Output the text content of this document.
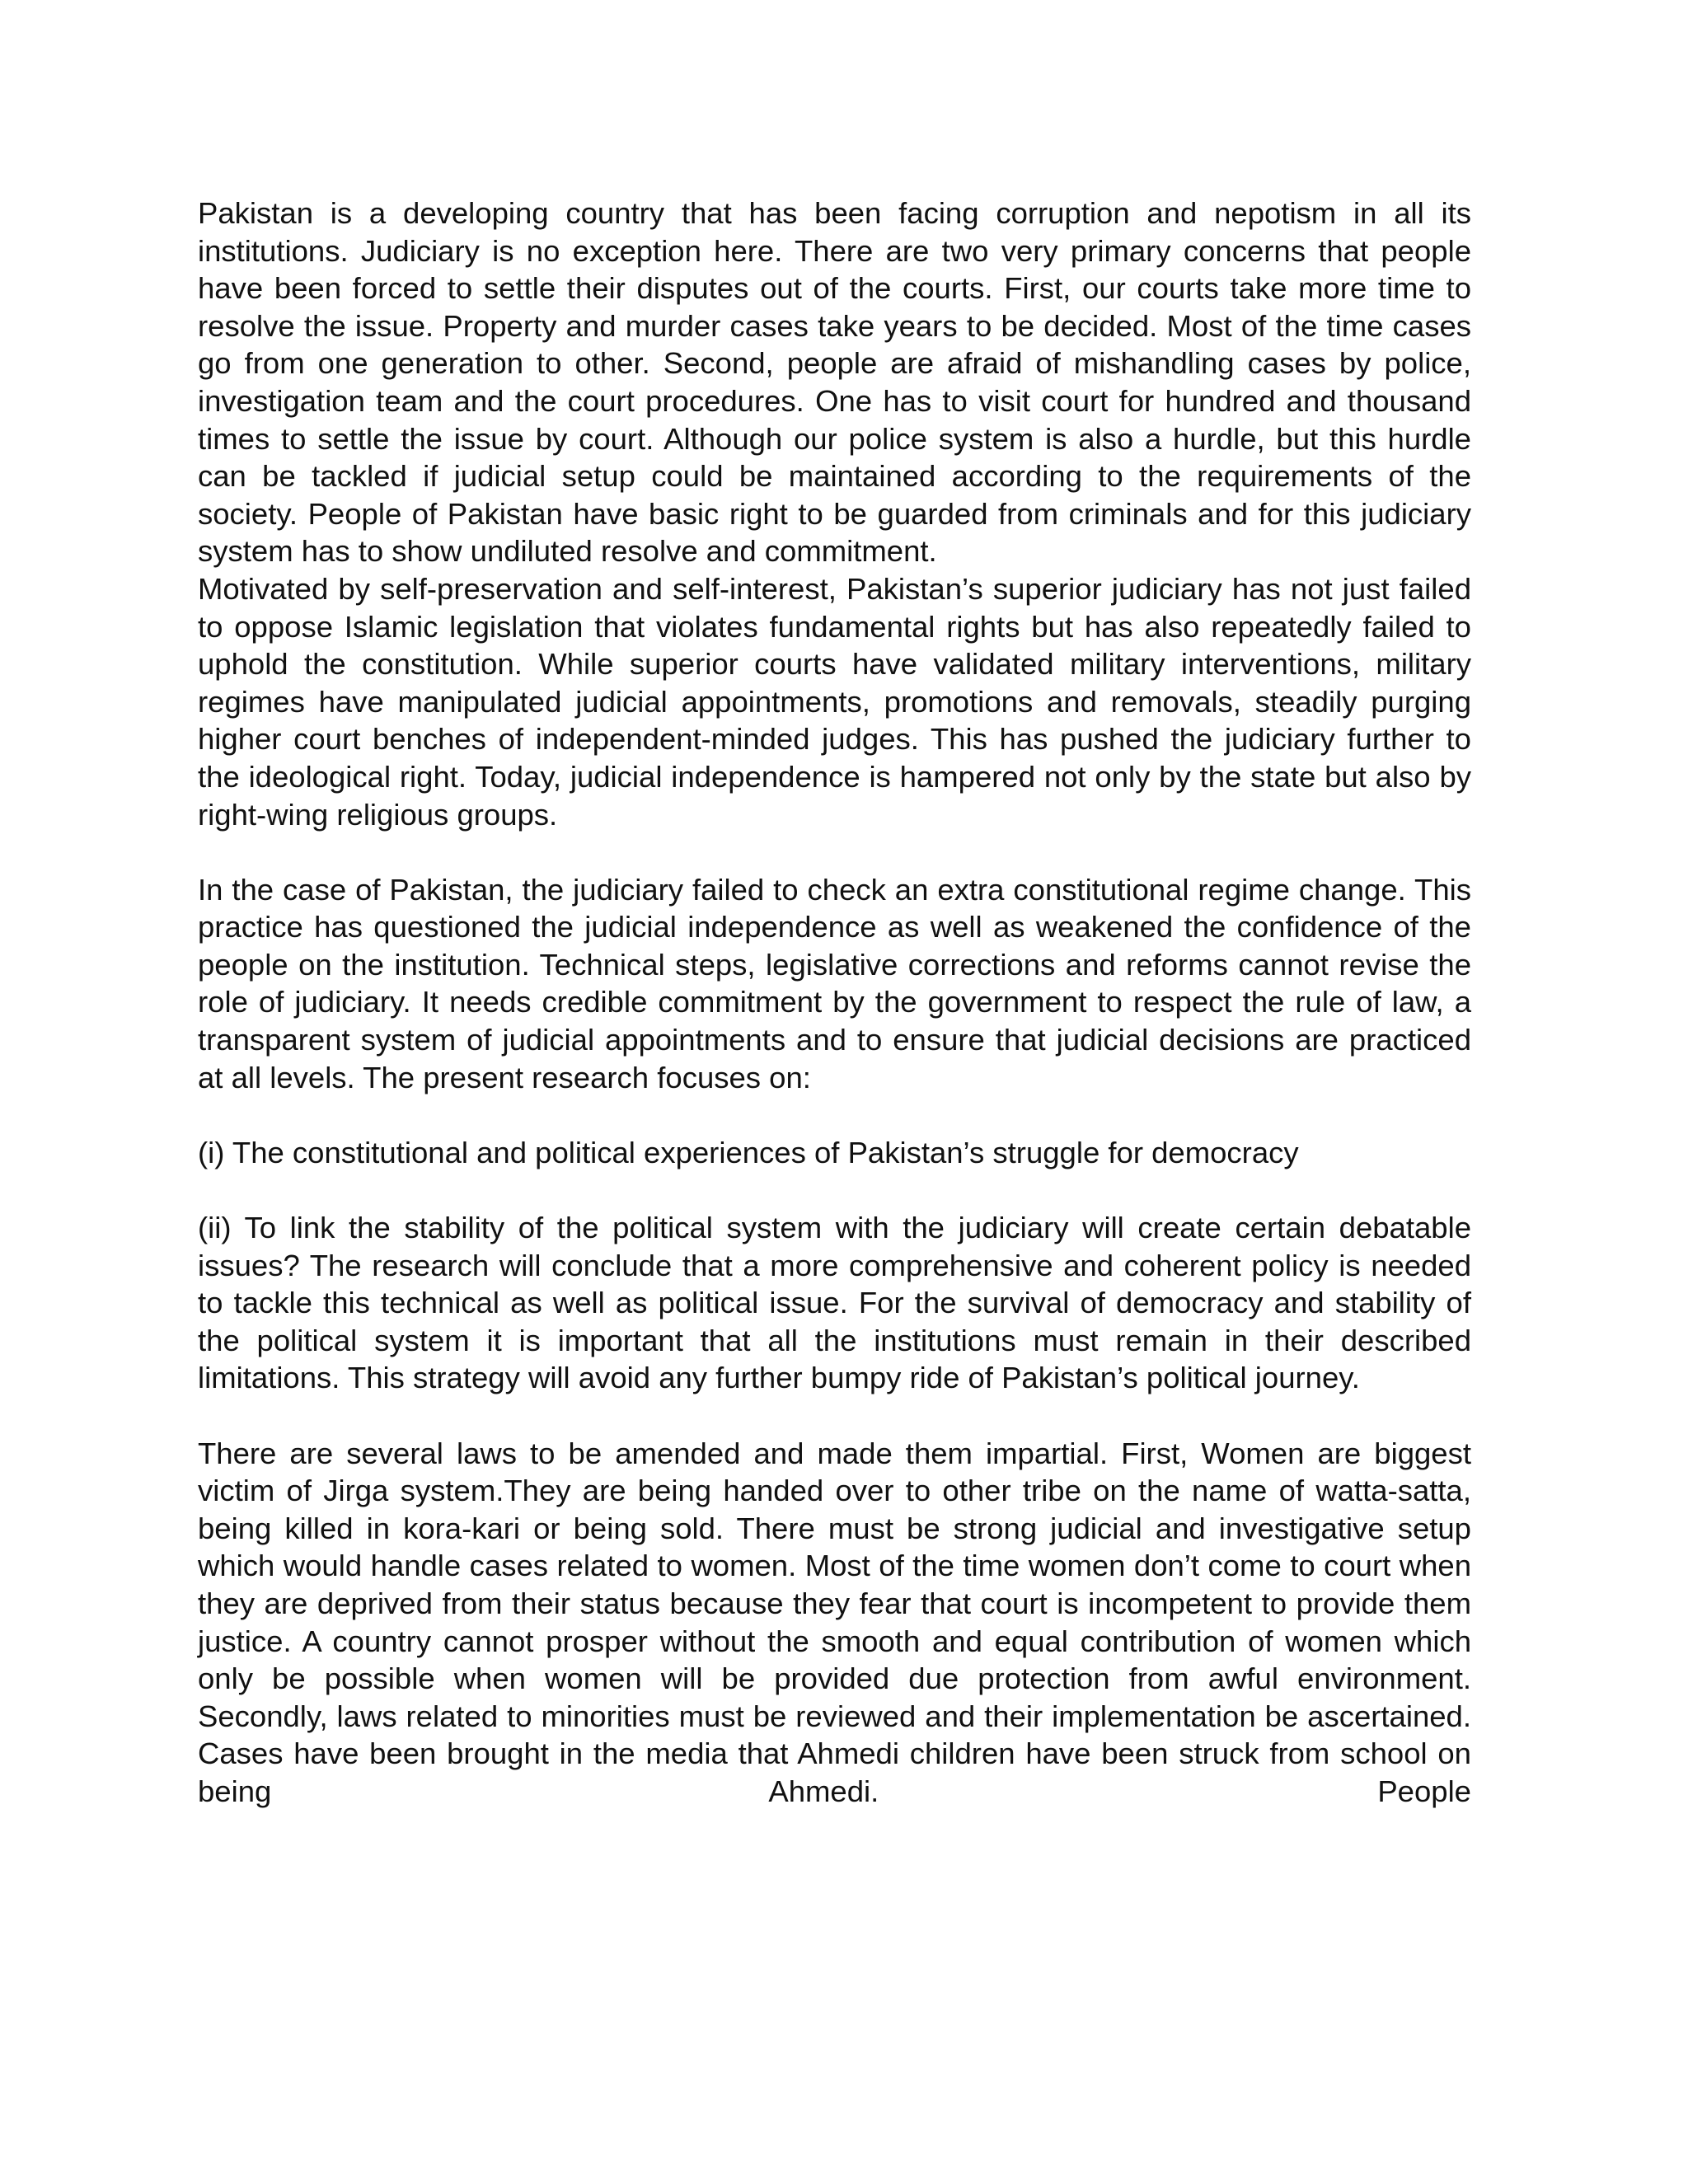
Pakistan is a developing country that has been facing corruption and nepotism in all its institutions. Judiciary is no exception here. There are two very primary concerns that people have been forced to settle their disputes out of the courts. First, our courts take more time to resolve the issue. Property and murder cases take years to be decided. Most of the time cases go from one generation to other. Second, people are afraid of mishandling cases by police, investigation team and the court procedures. One has to visit court for hundred and thousand times to settle the issue by court. Although our police system is also a hurdle, but this hurdle can be tackled if judicial setup could be maintained according to the requirements of the society. People of Pakistan have basic right to be guarded from criminals and for this judiciary system has to show undiluted resolve and commitment.

Motivated by self-preservation and self-interest, Pakistan’s superior judiciary has not just failed to oppose Islamic legislation that violates fundamental rights but has also repeatedly failed to uphold the constitution. While superior courts have validated military interventions, military regimes have manipulated judicial appointments, promotions and removals, steadily purging higher court benches of independent-minded judges. This has pushed the judiciary further to the ideological right. Today, judicial independence is hampered not only by the state but also by right-wing religious groups.

In the case of Pakistan, the judiciary failed to check an extra constitutional regime change. This practice has questioned the judicial independence as well as weakened the confidence of the people on the institution. Technical steps, legislative corrections and reforms cannot revise the role of judiciary. It needs credible commitment by the government to respect the rule of law, a transparent system of judicial appointments and to ensure that judicial decisions are practiced at all levels. The present research focuses on:

(i) The constitutional and political experiences of Pakistan’s struggle for democracy

(ii) To link the stability of the political system with the judiciary will create certain debatable issues? The research will conclude that a more comprehensive and coherent policy is needed to tackle this technical as well as political issue. For the survival of democracy and stability of the political system it is important that all the institutions must remain in their described limitations. This strategy will avoid any further bumpy ride of Pakistan’s political journey.

There are several laws to be amended and made them impartial. First, Women are biggest victim of Jirga system.They are being handed over to other tribe on the name of watta-satta, being killed in kora-kari or being sold. There must be strong judicial and investigative setup which would handle cases related to women. Most of the time women don’t come to court when they are deprived from their status because they fear that court is incompetent to provide them justice. A country cannot prosper without the smooth and equal contribution of women which only be possible when women will be provided due protection from awful environment. Secondly, laws related to minorities must be reviewed and their implementation be ascertained. Cases have been brought in the media that Ahmedi children have been struck from school on being Ahmedi. People
